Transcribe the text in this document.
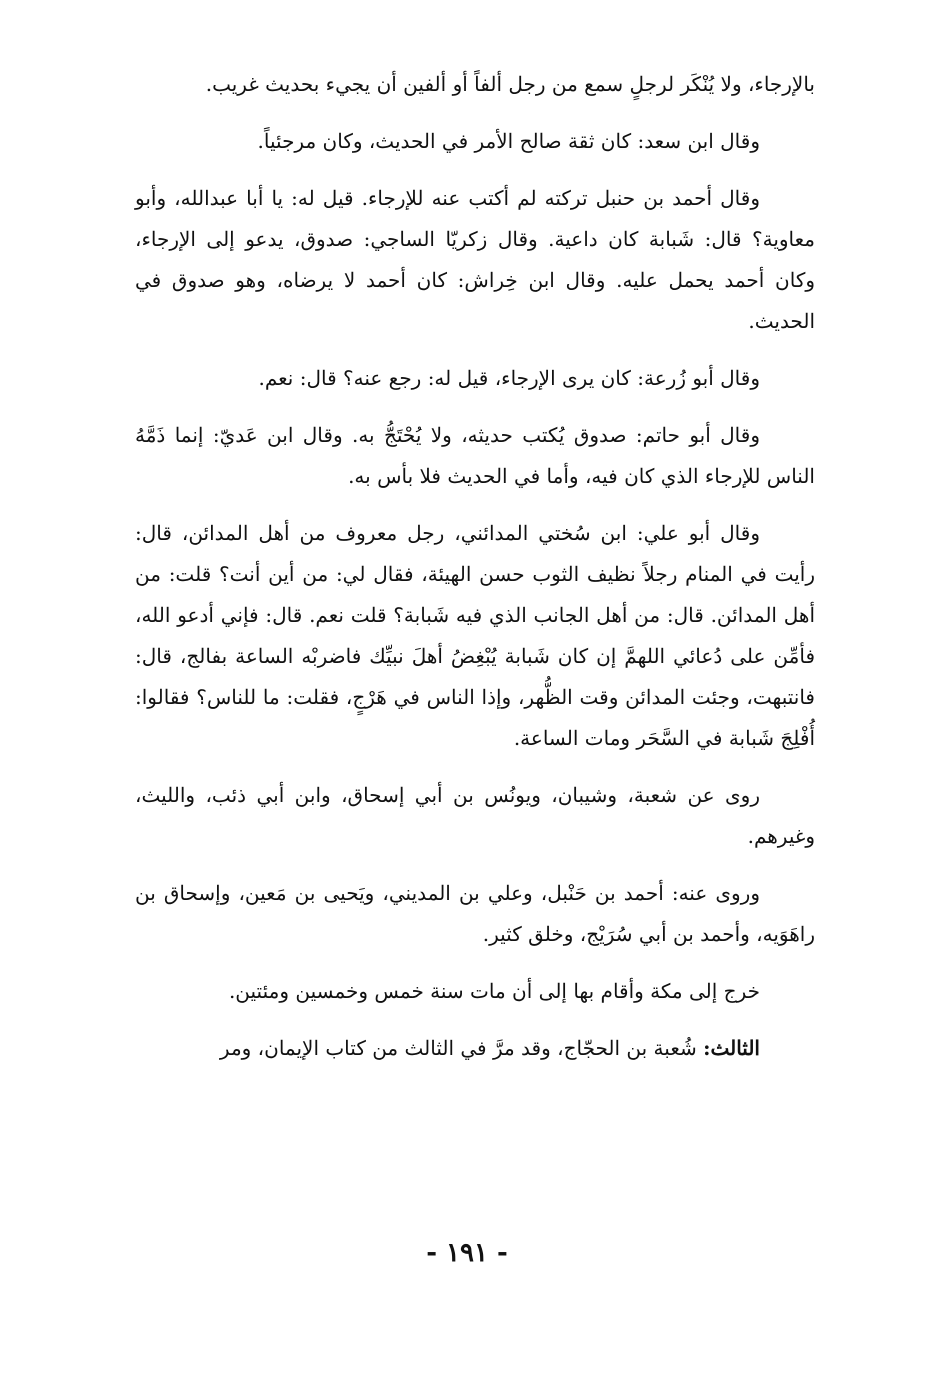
بالإرجاء، ولا يُنْكَر لرجلٍ سمع من رجل ألفاً أو ألفين أن يجيء بحديث غريب.

وقال ابن سعد: كان ثقة صالح الأمر في الحديث، وكان مرجئياً.

وقال أحمد بن حنبل تركته لم أكتب عنه للإرجاء. قيل له: يا أبا عبدالله، وأبو معاوية؟ قال: شَبابة كان داعية. وقال زكريّا الساجي: صدوق، يدعو إلى الإرجاء، وكان أحمد يحمل عليه. وقال ابن خِراش: كان أحمد لا يرضاه، وهو صدوق في الحديث.

وقال أبو زُرعة: كان يرى الإرجاء، قيل له: رجع عنه؟ قال: نعم.

وقال أبو حاتم: صدوق يُكتب حديثه، ولا يُحْتَجُّ به. وقال ابن عَديّ: إنما ذَمَّهُ الناس للإرجاء الذي كان فيه، وأما في الحديث فلا بأس به.

وقال أبو علي: ابن سُختي المدائني، رجل معروف من أهل المدائن، قال: رأيت في المنام رجلاً نظيف الثوب حسن الهيئة، فقال لي: من أين أنت؟ قلت: من أهل المدائن. قال: من أهل الجانب الذي فيه شَبابة؟ قلت نعم. قال: فإني أدعو الله، فأمِّن على دُعائي اللهمَّ إن كان شَبابة يُبْغِضُ أهلَ نبيِّك فاضربْه الساعة بفالج، قال: فانتبهت، وجئت المدائن وقت الظُّهر، وإذا الناس في هَرْجٍ، فقلت: ما للناس؟ فقالوا: أُفْلِجَ شَبابة في السَّحَر ومات الساعة.

روى عن شعبة، وشيبان، ويونُس بن أبي إسحاق، وابن أبي ذئب، والليث، وغيرهم.

وروى عنه: أحمد بن حَنْبل، وعلي بن المديني، ويَحيى بن مَعين، وإسحاق بن راهَوَيه، وأحمد بن أبي سُرَيْج، وخلق كثير.

خرج إلى مكة وأقام بها إلى أن مات سنة خمس وخمسين ومئتين.

الثالث: شُعبة بن الحجّاج، وقد مرَّ في الثالث من كتاب الإيمان، ومر

- ١٩١ -
